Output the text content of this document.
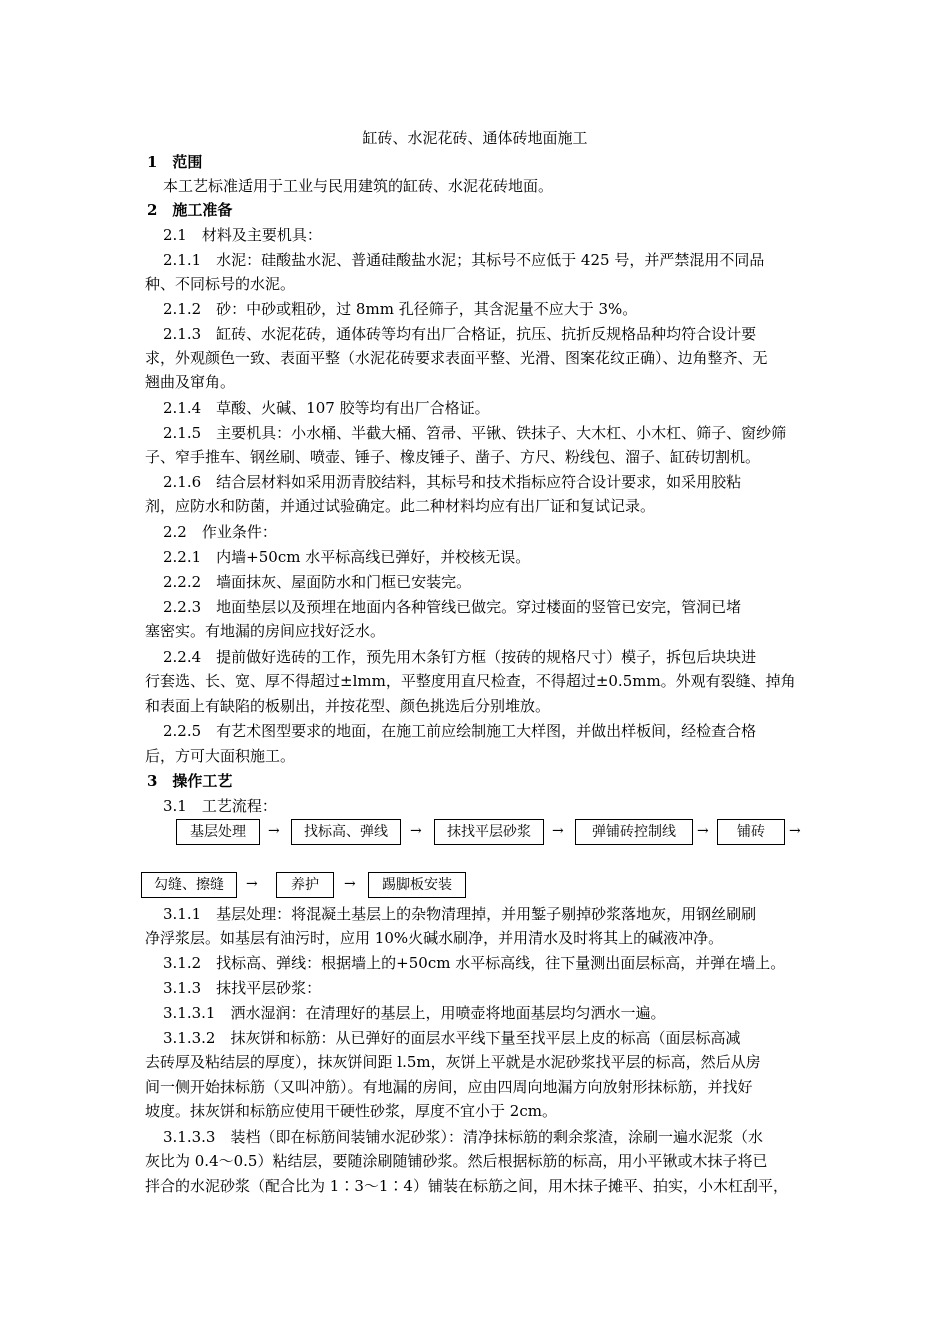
缸砖、水泥花砖、通体砖地面施工
1　范围
本工艺标准适用于工业与民用建筑的缸砖、水泥花砖地面。
2　施工准备
2.1　材料及主要机具：
2.1.1　水泥：硅酸盐水泥、普通硅酸盐水泥；其标号不应低于 425 号，并严禁混用不同品
种、不同标号的水泥。
2.1.2　砂：中砂或粗砂，过 8mm 孔径筛子，其含泥量不应大于 3%。
2.1.3　缸砖、水泥花砖，通体砖等均有出厂合格证，抗压、抗折反规格品种均符合设计要
求，外观颜色一致、表面平整（水泥花砖要求表面平整、光滑、图案花纹正确）、边角整齐、无
翘曲及窜角。
2.1.4　草酸、火碱、107 胶等均有出厂合格证。
2.1.5　主要机具：小水桶、半截大桶、笤帚、平锹、铁抹子、大木杠、小木杠、筛子、窗纱筛
子、窄手推车、钢丝刷、喷壶、锤子、橡皮锤子、凿子、方尺、粉线包、溜子、缸砖切割机。
2.1.6　结合层材料如采用沥青胶结料，其标号和技术指标应符合设计要求，如采用胶粘
剂，应防水和防菌，并通过试验确定。此二种材料均应有出厂证和复试记录。
2.2　作业条件：
2.2.1　内墙+50cm 水平标高线已弹好，并校核无误。
2.2.2　墙面抹灰、屋面防水和门框已安装完。
2.2.3　地面垫层以及预埋在地面内各种管线已做完。穿过楼面的竖管已安完，管洞已堵
塞密实。有地漏的房间应找好泛水。
2.2.4　提前做好选砖的工作，预先用木条钉方框（按砖的规格尺寸）模子，拆包后块块进
行套选、长、宽、厚不得超过±lmm，平整度用直尺检查，不得超过±0.5mm。外观有裂缝、掉角
和表面上有缺陷的板剔出，并按花型、颜色挑选后分别堆放。
2.2.5　有艺术图型要求的地面，在施工前应绘制施工大样图，并做出样板间，经检查合格
后，方可大面积施工。
3　操作工艺
3.1　工艺流程：
基层处理	→	找标高、弹线	→	抹找平层砂浆	→	弹铺砖控制线	→	铺砖	→
勾缝、擦缝	→	养护	→	踢脚板安装
3.1.1　基层处理：将混凝土基层上的杂物清理掉，并用錾子剔掉砂浆落地灰，用钢丝刷刷
净浮浆层。如基层有油污时，应用 10%火碱水刷净，并用清水及时将其上的碱液冲净。
3.1.2　找标高、弹线：根据墙上的+50cm 水平标高线，往下量测出面层标高，并弹在墙上。
3.1.3　抹找平层砂浆：
3.1.3.1　洒水湿润：在清理好的基层上，用喷壶将地面基层均匀洒水一遍。
3.1.3.2　抹灰饼和标筋：从已弹好的面层水平线下量至找平层上皮的标高（面层标高减
去砖厚及粘结层的厚度），抹灰饼间距 l.5m，灰饼上平就是水泥砂浆找平层的标高，然后从房
间一侧开始抹标筋（又叫冲筋）。有地漏的房间，应由四周向地漏方向放射形抹标筋，并找好
坡度。抹灰饼和标筋应使用干硬性砂浆，厚度不宜小于 2cm。
3.1.3.3　装档（即在标筋间装铺水泥砂浆）：清净抹标筋的剩余浆渣，涂刷一遍水泥浆（水
灰比为 0.4～0.5）粘结层，要随涂刷随铺砂浆。然后根据标筋的标高，用小平锹或木抹子将已
拌合的水泥砂浆（配合比为 1∶3～1∶4）铺装在标筋之间，用木抹子摊平、拍实，小木杠刮平，
